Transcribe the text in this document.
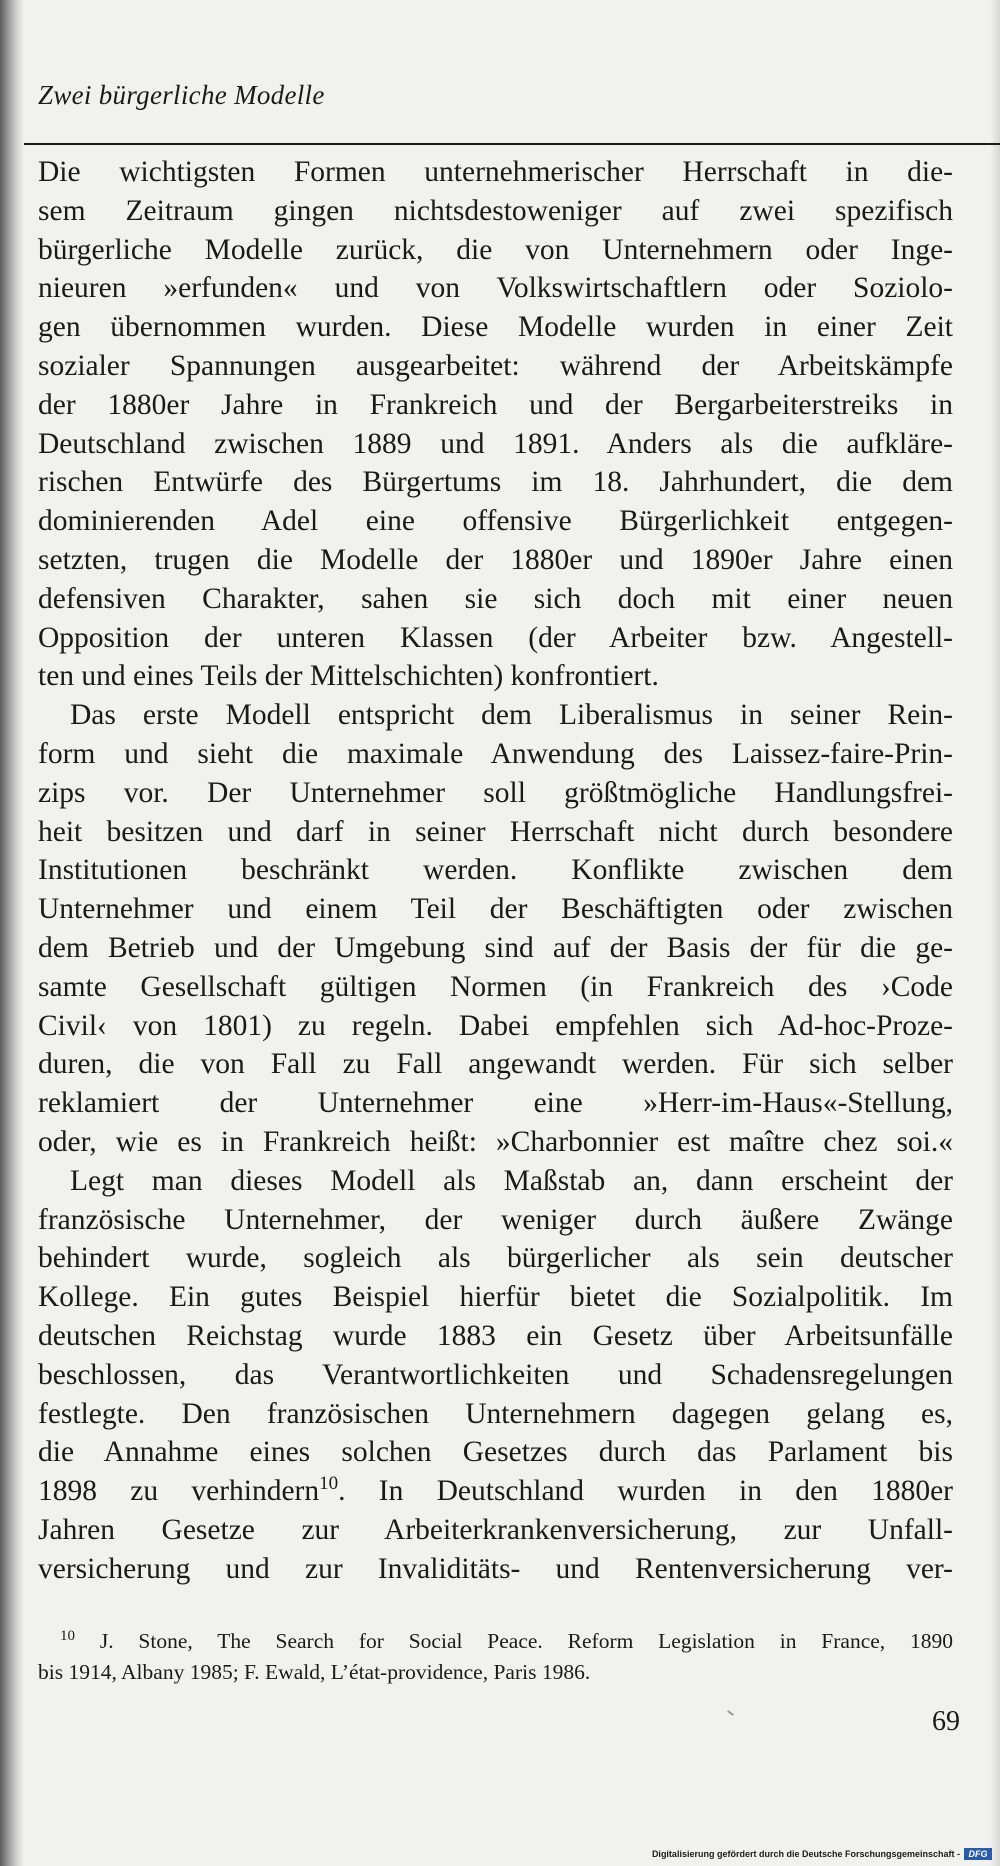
Zwei bürgerliche Modelle
Die wichtigsten Formen unternehmerischer Herrschaft in die-
sem Zeitraum gingen nichtsdestoweniger auf zwei spezifisch
bürgerliche Modelle zurück, die von Unternehmern oder Inge-
nieuren »erfunden« und von Volkswirtschaftlern oder Soziolo-
gen übernommen wurden. Diese Modelle wurden in einer Zeit
sozialer Spannungen ausgearbeitet: während der Arbeitskämpfe
der 1880er Jahre in Frankreich und der Bergarbeiterstreiks in
Deutschland zwischen 1889 und 1891. Anders als die aufkläre-
rischen Entwürfe des Bürgertums im 18. Jahrhundert, die dem
dominierenden Adel eine offensive Bürgerlichkeit entgegen-
setzten, trugen die Modelle der 1880er und 1890er Jahre einen
defensiven Charakter, sahen sie sich doch mit einer neuen
Opposition der unteren Klassen (der Arbeiter bzw. Angestell-
ten und eines Teils der Mittelschichten) konfrontiert.
Das erste Modell entspricht dem Liberalismus in seiner Rein-
form und sieht die maximale Anwendung des Laissez-faire-Prin-
zips vor. Der Unternehmer soll größtmögliche Handlungsfrei-
heit besitzen und darf in seiner Herrschaft nicht durch besondere
Institutionen beschränkt werden. Konflikte zwischen dem
Unternehmer und einem Teil der Beschäftigten oder zwischen
dem Betrieb und der Umgebung sind auf der Basis der für die ge-
samte Gesellschaft gültigen Normen (in Frankreich des ›Code
Civil‹ von 1801) zu regeln. Dabei empfehlen sich Ad-hoc-Proze-
duren, die von Fall zu Fall angewandt werden. Für sich selber
reklamiert der Unternehmer eine »Herr-im-Haus«-Stellung,
oder, wie es in Frankreich heißt: »Charbonnier est maître chez soi.«
Legt man dieses Modell als Maßstab an, dann erscheint der
französische Unternehmer, der weniger durch äußere Zwänge
behindert wurde, sogleich als bürgerlicher als sein deutscher
Kollege. Ein gutes Beispiel hierfür bietet die Sozialpolitik. Im
deutschen Reichstag wurde 1883 ein Gesetz über Arbeitsunfälle
beschlossen, das Verantwortlichkeiten und Schadensregelungen
festlegte. Den französischen Unternehmern dagegen gelang es,
die Annahme eines solchen Gesetzes durch das Parlament bis
1898 zu verhindern$^{10}$. In Deutschland wurden in den 1880er
Jahren Gesetze zur Arbeiterkrankenversicherung, zur Unfall-
versicherung und zur Invaliditäts- und Rentenversicherung ver-
$^{10}$ J. Stone, The Search for Social Peace. Reform Legislation in France, 1890
bis 1914, Albany 1985; F. Ewald, L’état-providence, Paris 1986.
69
Digitalisierung gefördert durch die Deutsche Forschungsgemeinschaft - DFG
